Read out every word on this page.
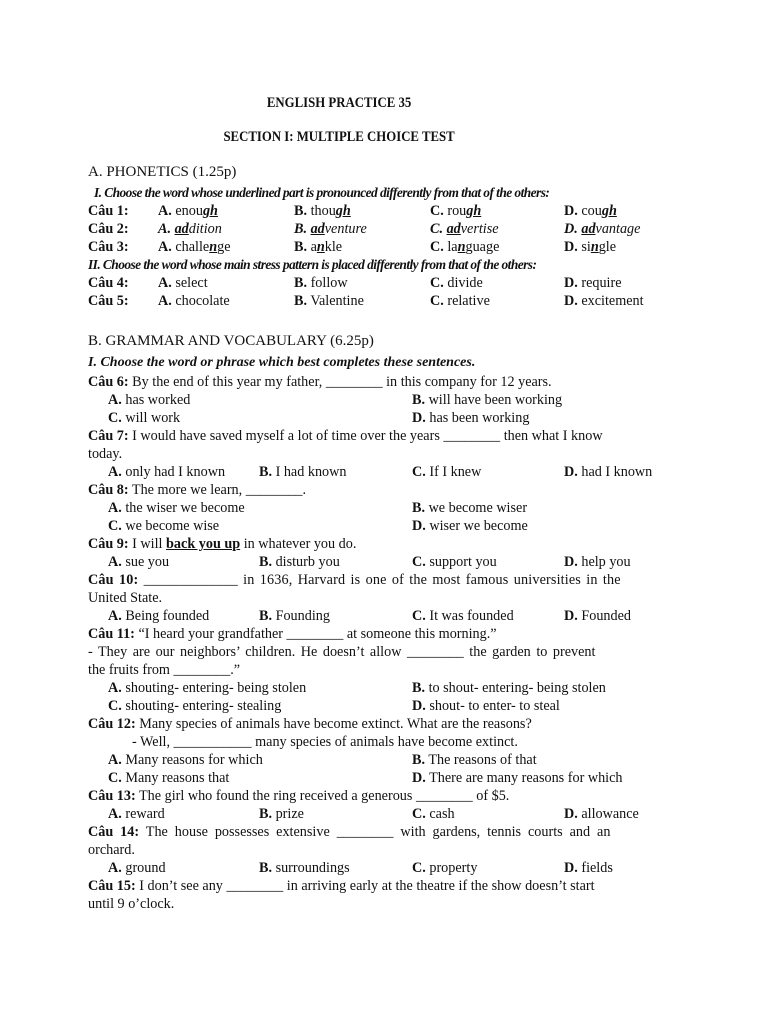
ENGLISH PRACTICE 35
SECTION I: MULTIPLE CHOICE TEST
A. PHONETICS (1.25p)
I. Choose the word whose underlined part is pronounced differently from that of the others:
Câu 1: A. enough	B. though	C. rough	D. cough
Câu 2: A. addition	B. adventure	C. advertise	D. advantage
Câu 3: A. challenge	B. ankle	C. language	D. single
II. Choose the word whose main stress pattern is placed differently from that of the others:
Câu 4: A. select	B. follow	C. divide	D. require
Câu 5: A. chocolate	B. Valentine	C. relative	D. excitement
B. GRAMMAR AND VOCABULARY (6.25p)
I. Choose the word or phrase which best completes these sentences.
Câu 6: By the end of this year my father, ________ in this company for 12 years.
A. has worked	B. will have been working
C. will work	D. has been working
Câu 7: I would have saved myself a lot of time over the years ________ then what I know
today.
A. only had I known B. I had known	C. If I knew	D. had I known
Câu 8: The more we learn, ________.
A. the wiser we become	B. we become wiser
C. we become wise	D. wiser we become
Câu 9: I will back you up in whatever you do.
A. sue you	B. disturb you	C. support you	D. help you
Câu 10: _____________ in 1636, Harvard is one of the most famous universities in the
United State.
A. Being founded	B. Founding	C. It was founded	D. Founded
Câu 11: “I heard your grandfather ________ at someone this morning.”
- They are our neighbors’ children. He doesn’t allow ________ the garden to prevent
the fruits from ________.”
A. shouting- entering- being stolen	B. to shout- entering- being stolen
C. shouting- entering- stealing	D. shout- to enter- to steal
Câu 12: Many species of animals have become extinct. What are the reasons?
- Well, ___________ many species of animals have become extinct.
A. Many reasons for which	B. The reasons of that
C. Many reasons that	D. There are many reasons for which
Câu 13: The girl who found the ring received a generous ________ of $5.
A. reward	B. prize	C. cash	D. allowance
Câu 14: The house possesses extensive ________ with gardens, tennis courts and an
orchard.
A. ground	B. surroundings	C. property	D. fields
Câu 15: I don’t see any ________ in arriving early at the theatre if the show doesn’t start
until 9 o’clock.
